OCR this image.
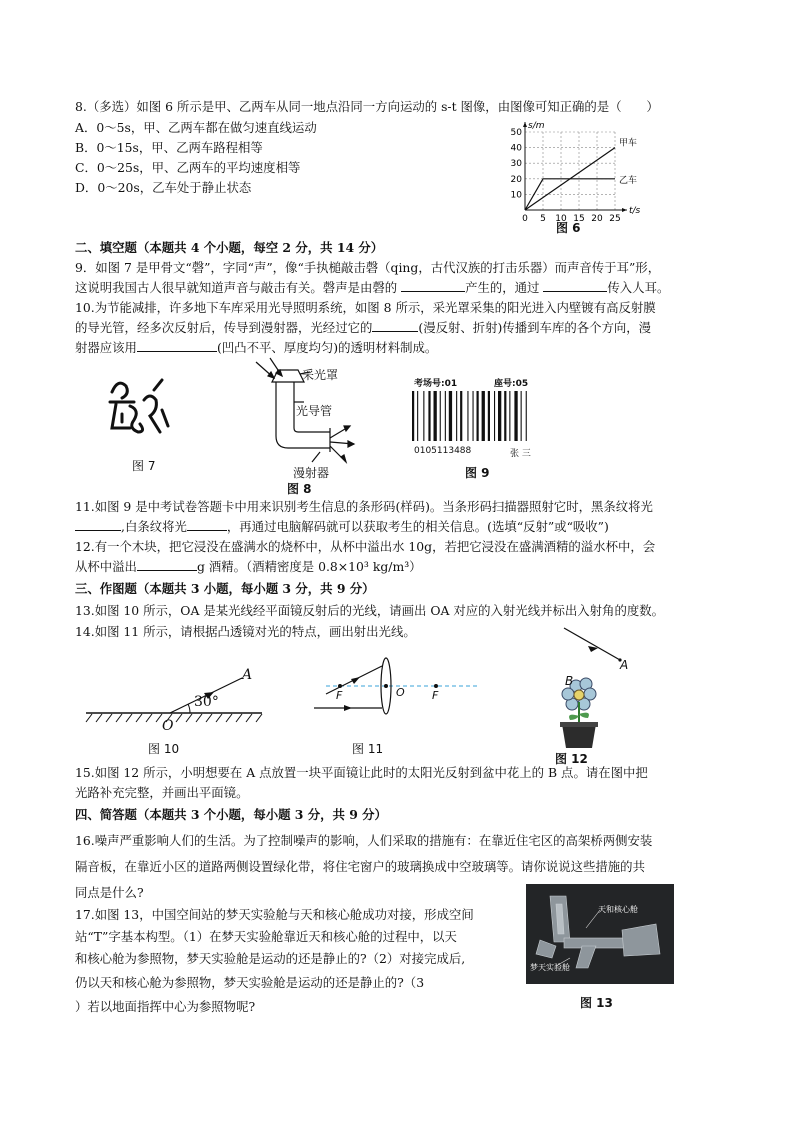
8.（多选）如图 6 所示是甲、乙两车从同一地点沿同一方向运动的 s-t 图像，由图像可知正确的是（　　）
A．0～5s，甲、乙两车都在做匀速直线运动
B．0～15s，甲、乙两车路程相等
C．0～25s，甲、乙两车的平均速度相等
D．0～20s，乙车处于静止状态
0 5 10 15 20 25
10
20
30
40
50
s/m
t/s
甲车
乙车
图 6
二、填空题（本题共 4 个小题，每空 2 分，共 14 分）
9．如图 7 是甲骨文“磬”，字同“声”，像“手执槌敲击磬（qing，古代汉族的打击乐器）而声音传于耳”形，
这说明我国古人很早就知道声音与敲击有关。磬声是由磬的	产生的，通过	传入人耳。
10.为节能减排，许多地下车库采用光导照明系统，如图 8 所示，采光罩采集的阳光进入内壁镀有高反射膜
的导光管，经多次反射后，传导到漫射器，光经过它的	(漫反射、折射)传播到车库的各个方向，漫
射器应该用	(凹凸不平、厚度均匀)的透明材料制成。
图 7
采光罩
光导管
漫射器
图 8
考场号:01	座号:05
0105113488	张 三
图 9
11.如图 9 是中考试卷答题卡中用来识别考生信息的条形码(样码)。当条形码扫描器照射它时，黑条纹将光
,白条纹将光	，再通过电脑解码就可以获取考生的相关信息。(选填“反射”或“吸收”)
12.有一个木块，把它浸没在盛满水的烧杯中，从杯中溢出水 10g，若把它浸没在盛满酒精的溢水杯中，会
从杯中溢出	g 酒精。（酒精密度是 0.8×10³ kg/m³）
三、作图题（本题共 3 小题，每小题 3 分，共 9 分）
13.如图 10 所示，OA 是某光线经平面镜反射后的光线，请画出 OA 对应的入射光线并标出入射角的度数。
14.如图 11 所示，请根据凸透镜对光的特点，画出射出光线。
30°
A
O
图 10
F	O F
图 11
B
A
图 12
15.如图 12 所示，小明想要在 A 点放置一块平面镜让此时的太阳光反射到盆中花上的 B 点。请在图中把
光路补充完整，并画出平面镜。
四、简答题（本题共 3 个小题，每小题 3 分，共 9 分）
16.噪声严重影响人们的生活。为了控制噪声的影响，人们采取的措施有：在靠近住宅区的高架桥两侧安装
隔音板，在靠近小区的道路两侧设置绿化带，将住宅窗户的玻璃换成中空玻璃等。请你说说这些措施的共
同点是什么?
17.如图 13，中国空间站的梦天实验舱与天和核心舱成功对接，形成空间
站“T”字基本构型。（1）在梦天实验舱靠近天和核心舱的过程中，以天
和核心舱为参照物，梦天实验舱是运动的还是静止的?（2）对接完成后,
仍以天和核心舱为参照物，梦天实验舱是运动的还是静止的?（3
）若以地面指挥中心为参照物呢?
天和核心舱
梦天实验舱
图 13
